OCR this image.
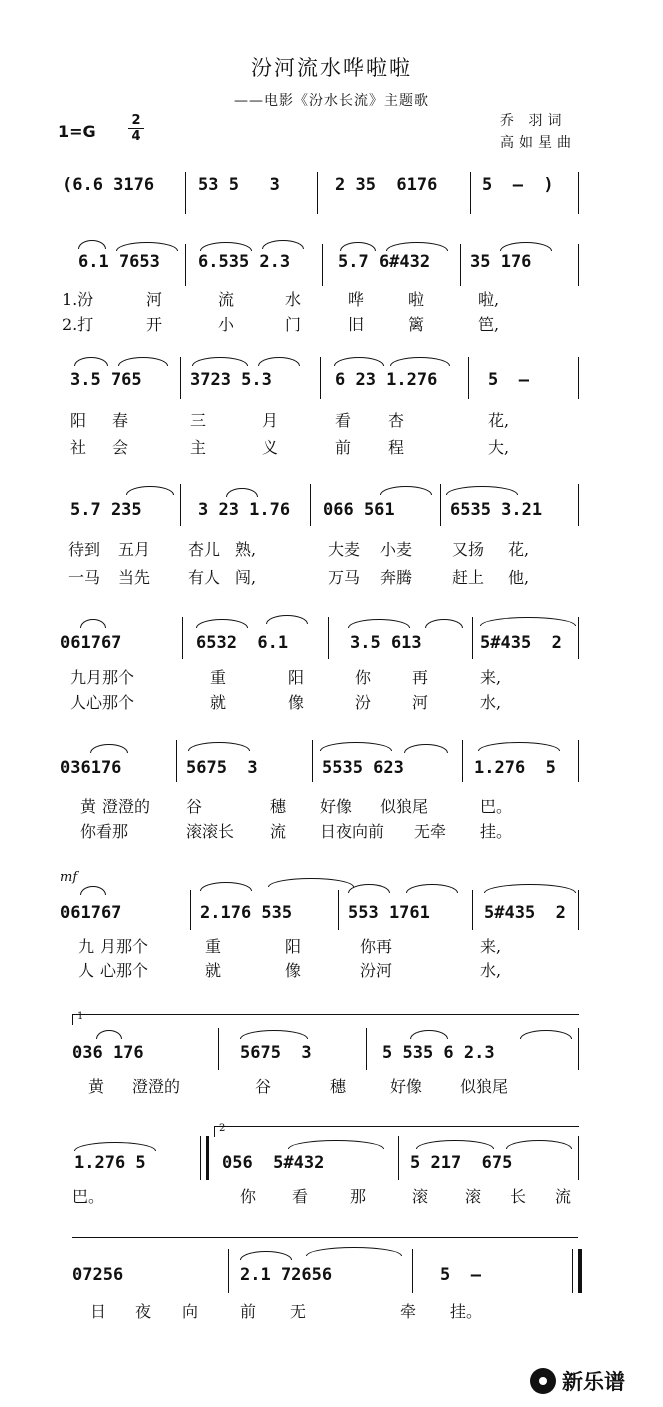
汾河流水哗啦啦
——电影《汾水长流》主题歌
乔 羽词
高如星曲
1=G
2
4
mf

(6.6 3176

	53 5   3

	2 35  6176

	5  –  )

6.1 7653

6.535 2.3

	5.7 6#432

35 176

1.汾	河	流	水	哗	啦	啦,
2.打	开	小	门	旧	篱	笆,

3.5 765

	3723 5.3

	6 23 1.276

	5  –

阳 春	三	月	看 杏	花,
社 会	主	义	前 程	大,

5.7 235

	3 23 1.76

066 561

	6535 3.21

待到 五月 杏儿 熟,	大麦 小麦 又扬 花,
一马 当先 有人 闯,	万马 奔腾 赶上 他,

061767

	6532  6.1

	3.5 613

	5#435  2

九月那个	重	阳	你	再	来,
人心那个	就	像	汾	河	水,

036176

	5675  3

	5535 623

	1.276  5

黄 澄澄的 谷	穗 好像 似狼尾	巴。
你看那	滚滚长 流 日夜向前 无牵 挂。

061767

	2.176 535

	553 1761

	5#435  2

九 月那个	重	阳	你再	来,
人 心那个	就	像	汾河	水,
1

036 176

	5675  3

	5 535 6 2.3

黄 澄澄的	谷	穗	好像 似狼尾
2

1.276 5

	056  5#432

	5 217  675

巴。	你 看	那	滚 滚 长 流

07256

	2.1 72656

	5  –

日 夜 向	前 无	牵 挂。
新乐谱
